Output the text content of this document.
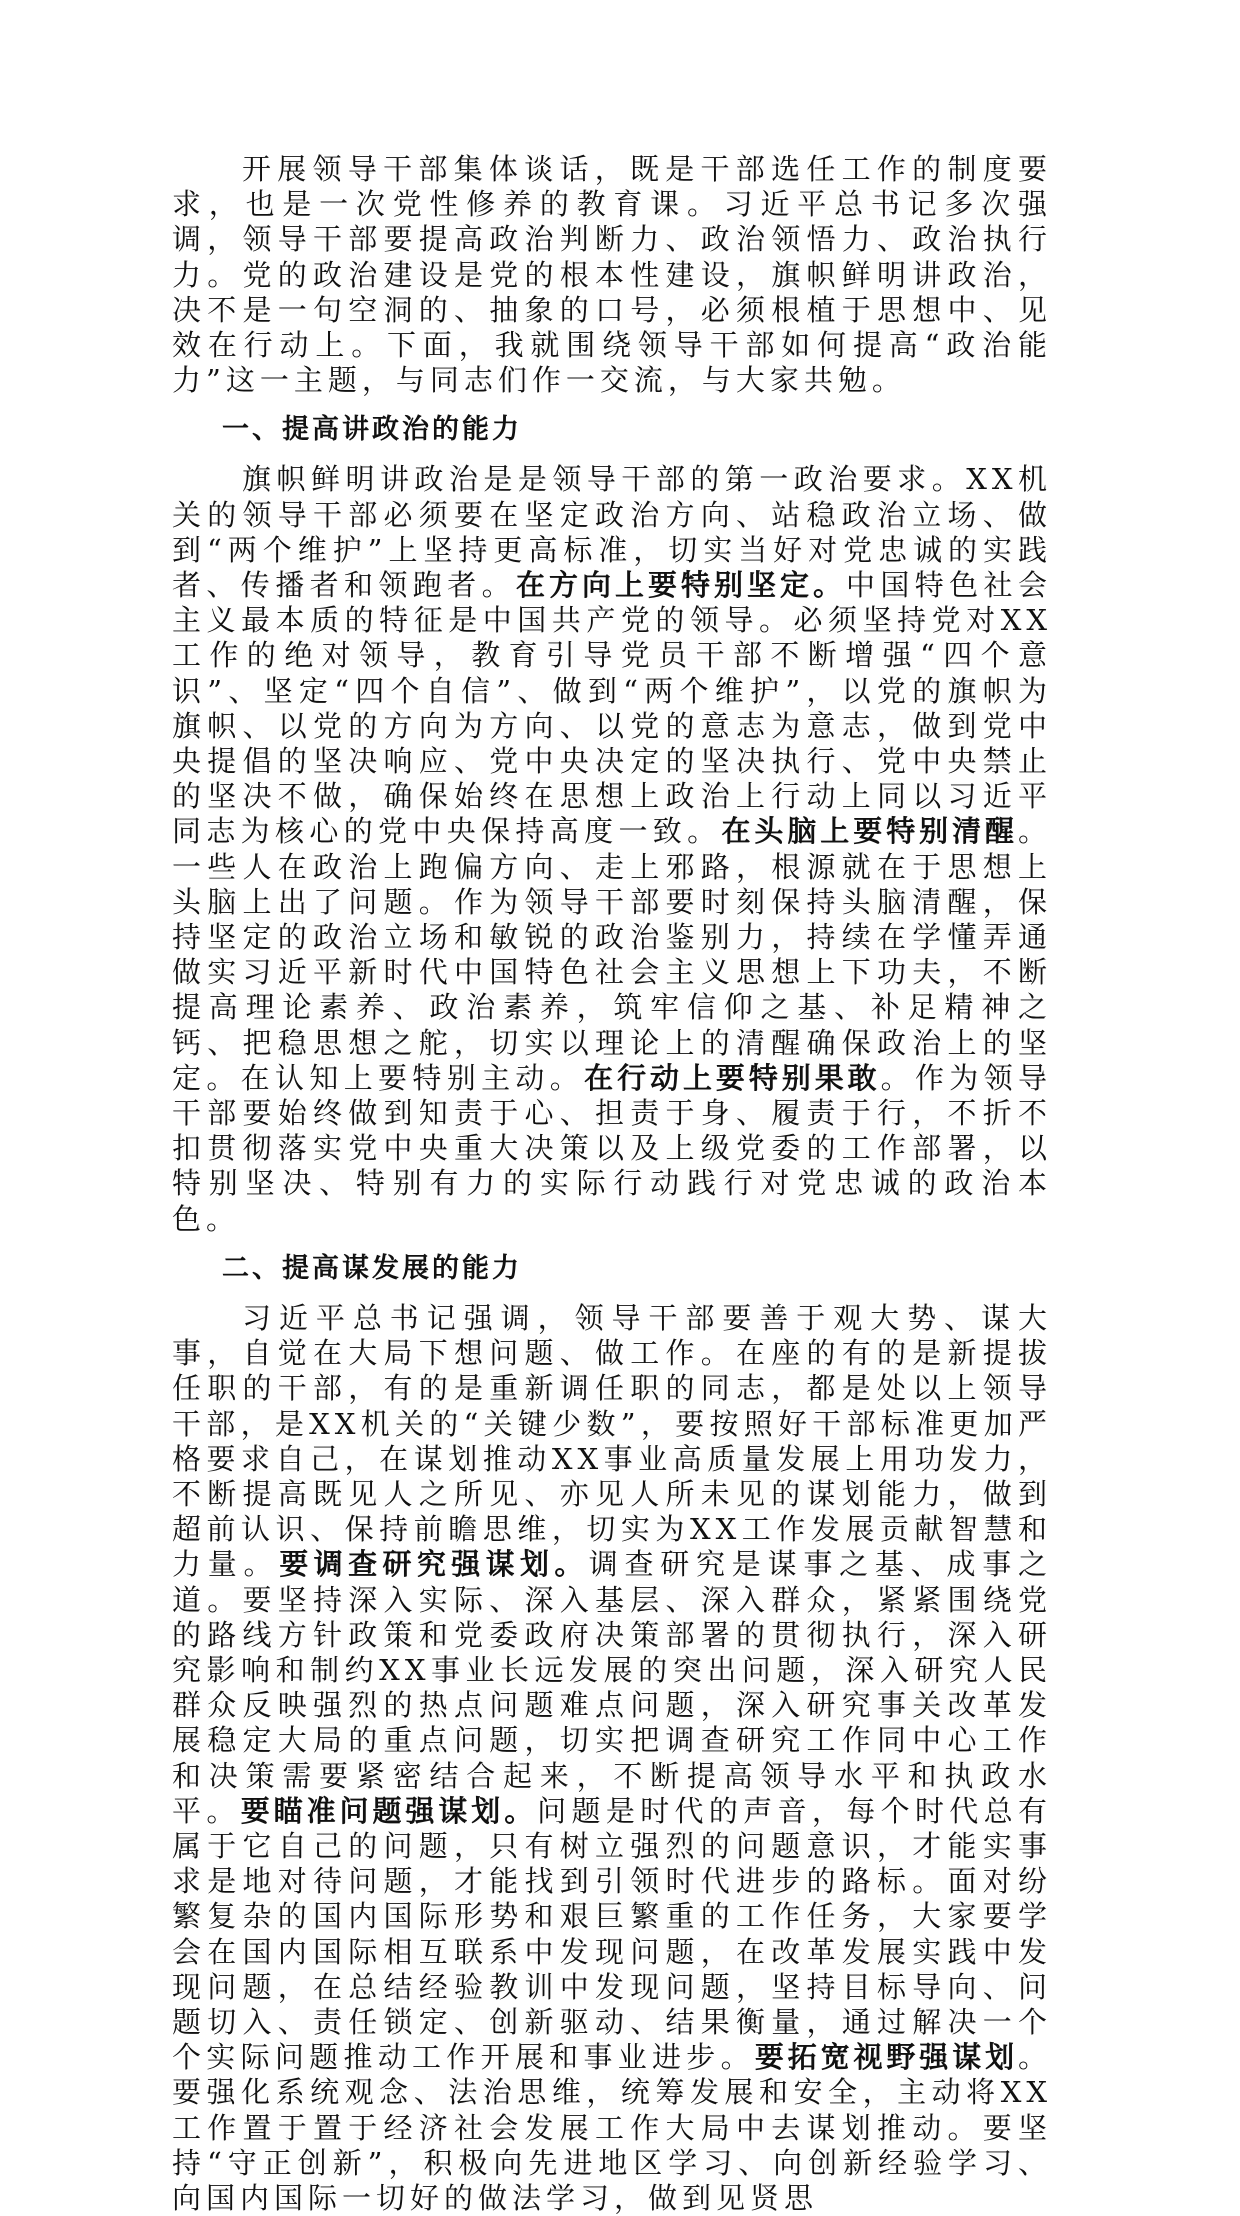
开展领导干部集体谈话，既是干部选任工作的制度要求，也是一次党性修养的教育课。习近平总书记多次强调，领导干部要提高政治判断力、政治领悟力、政治执行力。党的政治建设是党的根本性建设，旗帜鲜明讲政治，决不是一句空洞的、抽象的口号，必须根植于思想中、见效在行动上。下面，我就围绕领导干部如何提高“政治能力”这一主题，与同志们作一交流，与大家共勉。

一、提高讲政治的能力

旗帜鲜明讲政治是是领导干部的第一政治要求。XX机关的领导干部必须要在坚定政治方向、站稳政治立场、做到“两个维护”上坚持更高标准，切实当好对党忠诚的实践者、传播者和领跑者。在方向上要特别坚定。中国特色社会主义最本质的特征是中国共产党的领导。必须坚持党对XX工作的绝对领导，教育引导党员干部不断增强“四个意识”、坚定“四个自信”、做到“两个维护”，以党的旗帜为旗帜、以党的方向为方向、以党的意志为意志，做到党中央提倡的坚决响应、党中央决定的坚决执行、党中央禁止的坚决不做，确保始终在思想上政治上行动上同以习近平同志为核心的党中央保持高度一致。在头脑上要特别清醒。一些人在政治上跑偏方向、走上邪路，根源就在于思想上头脑上出了问题。作为领导干部要时刻保持头脑清醒，保持坚定的政治立场和敏锐的政治鉴别力，持续在学懂弄通做实习近平新时代中国特色社会主义思想上下功夫，不断提高理论素养、政治素养，筑牢信仰之基、补足精神之钙、把稳思想之舵，切实以理论上的清醒确保政治上的坚定。在认知上要特别主动。在行动上要特别果敢。作为领导干部要始终做到知责于心、担责于身、履责于行，不折不扣贯彻落实党中央重大决策以及上级党委的工作部署，以特别坚决、特别有力的实际行动践行对党忠诚的政治本色。

二、提高谋发展的能力

习近平总书记强调，领导干部要善于观大势、谋大事，自觉在大局下想问题、做工作。在座的有的是新提拔任职的干部，有的是重新调任职的同志，都是处以上领导干部，是XX机关的“关键少数”，要按照好干部标准更加严格要求自己，在谋划推动XX事业高质量发展上用功发力，不断提高既见人之所见、亦见人所未见的谋划能力，做到超前认识、保持前瞻思维，切实为XX工作发展贡献智慧和力量。要调查研究强谋划。调查研究是谋事之基、成事之道。要坚持深入实际、深入基层、深入群众，紧紧围绕党的路线方针政策和党委政府决策部署的贯彻执行，深入研究影响和制约XX事业长远发展的突出问题，深入研究人民群众反映强烈的热点问题难点问题，深入研究事关改革发展稳定大局的重点问题，切实把调查研究工作同中心工作和决策需要紧密结合起来，不断提高领导水平和执政水平。要瞄准问题强谋划。问题是时代的声音，每个时代总有属于它自己的问题，只有树立强烈的问题意识，才能实事求是地对待问题，才能找到引领时代进步的路标。面对纷繁复杂的国内国际形势和艰巨繁重的工作任务，大家要学会在国内国际相互联系中发现问题，在改革发展实践中发现问题，在总结经验教训中发现问题，坚持目标导向、问题切入、责任锁定、创新驱动、结果衡量，通过解决一个个实际问题推动工作开展和事业进步。要拓宽视野强谋划。要强化系统观念、法治思维，统筹发展和安全，主动将XX工作置于置于经济社会发展工作大局中去谋划推动。要坚持“守正创新”，积极向先进地区学习、向创新经验学习、向国内国际一切好的做法学习，做到见贤思
